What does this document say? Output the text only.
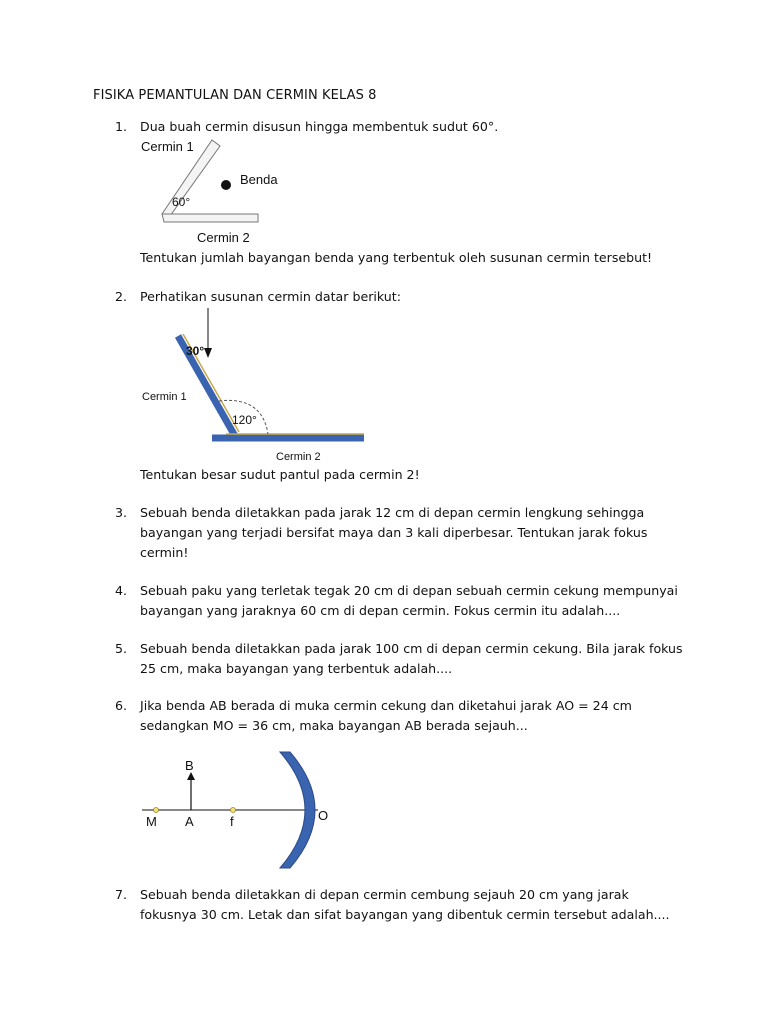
FISIKA PEMANTULAN DAN CERMIN KELAS 8
1. Dua buah cermin disusun hingga membentuk sudut 60°.
Cermin 1
Benda
60°
Cermin 2
Tentukan jumlah bayangan benda yang terbentuk oleh susunan cermin tersebut!
2. Perhatikan susunan cermin datar berikut:
30°
120°
Cermin 1
Cermin 2
Tentukan besar sudut pantul pada cermin 2!
3. Sebuah benda diletakkan pada jarak 12 cm di depan cermin lengkung sehingga
bayangan yang terjadi bersifat maya dan 3 kali diperbesar. Tentukan jarak fokus
cermin!
4. Sebuah paku yang terletak tegak 20 cm di depan sebuah cermin cekung mempunyai
bayangan yang jaraknya 60 cm di depan cermin. Fokus cermin itu adalah....
5. Sebuah benda diletakkan pada jarak 100 cm di depan cermin cekung. Bila jarak fokus
25 cm, maka bayangan yang terbentuk adalah....
6. Jika benda AB berada di muka cermin cekung dan diketahui jarak AO = 24 cm
sedangkan MO = 36 cm, maka bayangan AB berada sejauh...
B
M A	f	O
7. Sebuah benda diletakkan di depan cermin cembung sejauh 20 cm yang jarak
fokusnya 30 cm. Letak dan sifat bayangan yang dibentuk cermin tersebut adalah....
